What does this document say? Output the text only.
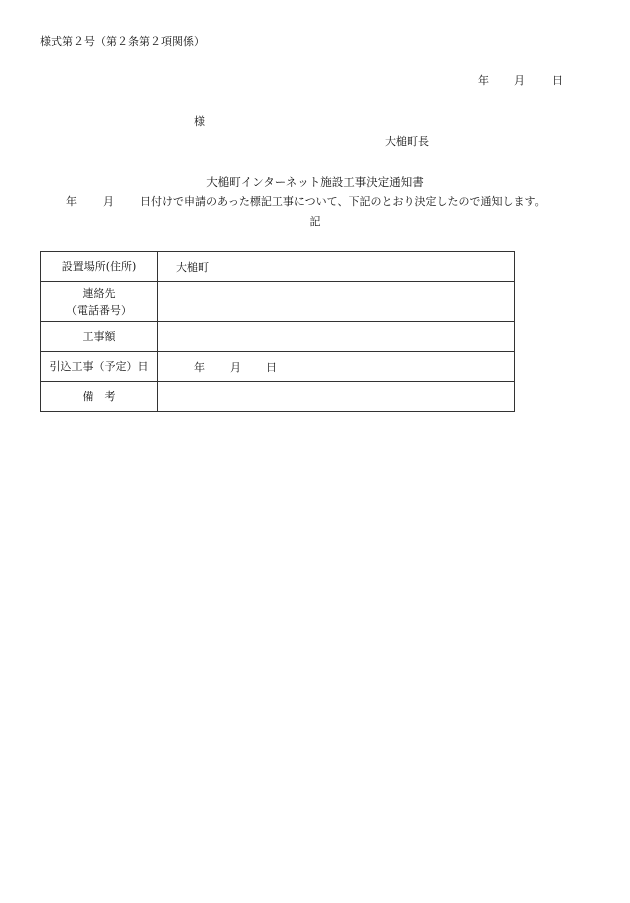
様式第２号（第２条第２項関係）
年 月 日
様
大槌町長
大槌町インターネット施設工事決定通知書
年 月 日付けで申請のあった標記工事について、下記のとおり決定したので通知します。
記
設置場所(住所)	大槌町

連絡先
（電話番号）	

工事額	
引込工事（予定）日	年 月 日
備　考	
